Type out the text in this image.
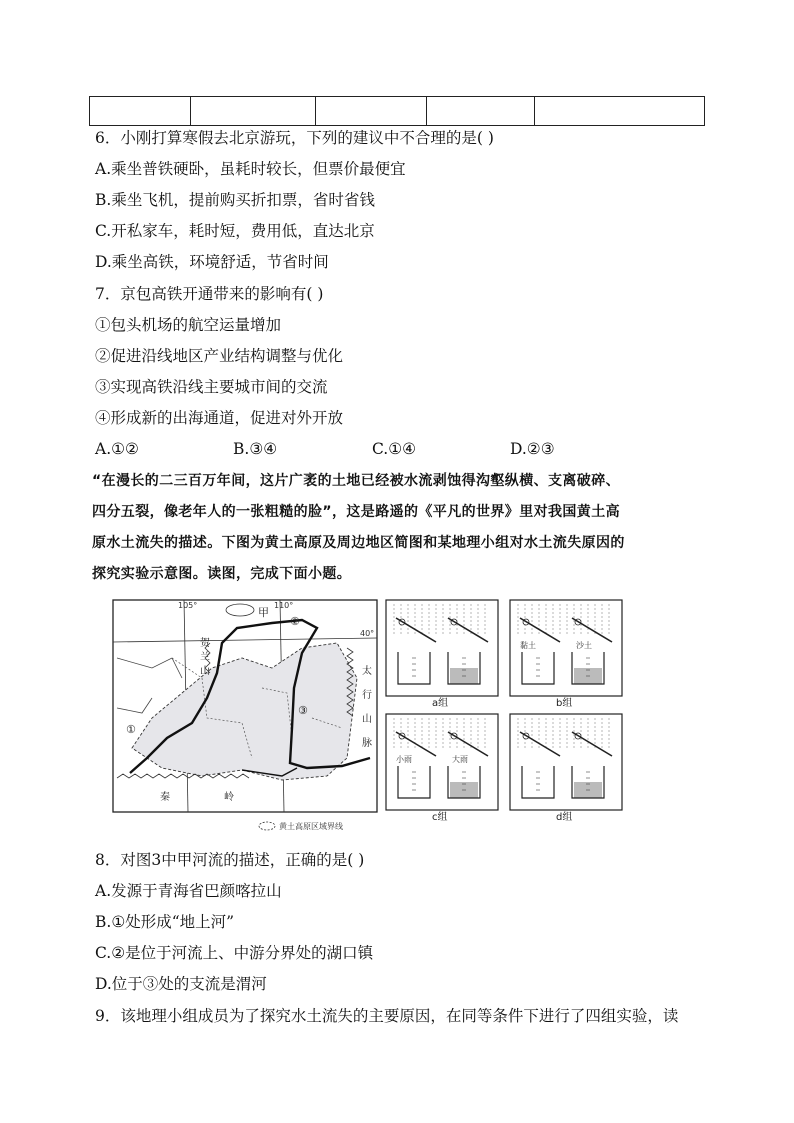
6．小刚打算寒假去北京游玩，下列的建议中不合理的是( )
A.乘坐普铁硬卧，虽耗时较长，但票价最便宜
B.乘坐飞机，提前购买折扣票，省时省钱
C.开私家车，耗时短，费用低，直达北京
D.乘坐高铁，环境舒适，节省时间
7．京包高铁开通带来的影响有( )
①包头机场的航空运量增加
②促进沿线地区产业结构调整与优化
③实现高铁沿线主要城市间的交流
④形成新的出海通道，促进对外开放
A.①②	B.③④	C.①④	D.②③
“在漫长的二三百万年间，这片广袤的土地已经被水流剥蚀得沟壑纵横、支离破碎、
四分五裂，像老年人的一张粗糙的脸”，这是路遥的《平凡的世界》里对我国黄土高
原水土流失的描述。下图为黄土高原及周边地区简图和某地理小组对水土流失原因的
探究实验示意图。读图，完成下面小题。
105°	110°
40°
甲
②
①
③
贺
兰
山	太
行
山
脉
秦	岭
黄土高原区域界线
a组
黏土	沙土
b组
小雨	大雨
c组	d组
8．对图3中甲河流的描述，正确的是( )
A.发源于青海省巴颜喀拉山
B.①处形成“地上河”
C.②是位于河流上、中游分界处的湖口镇
D.位于③处的支流是渭河
9．该地理小组成员为了探究水土流失的主要原因，在同等条件下进行了四组实验，读
